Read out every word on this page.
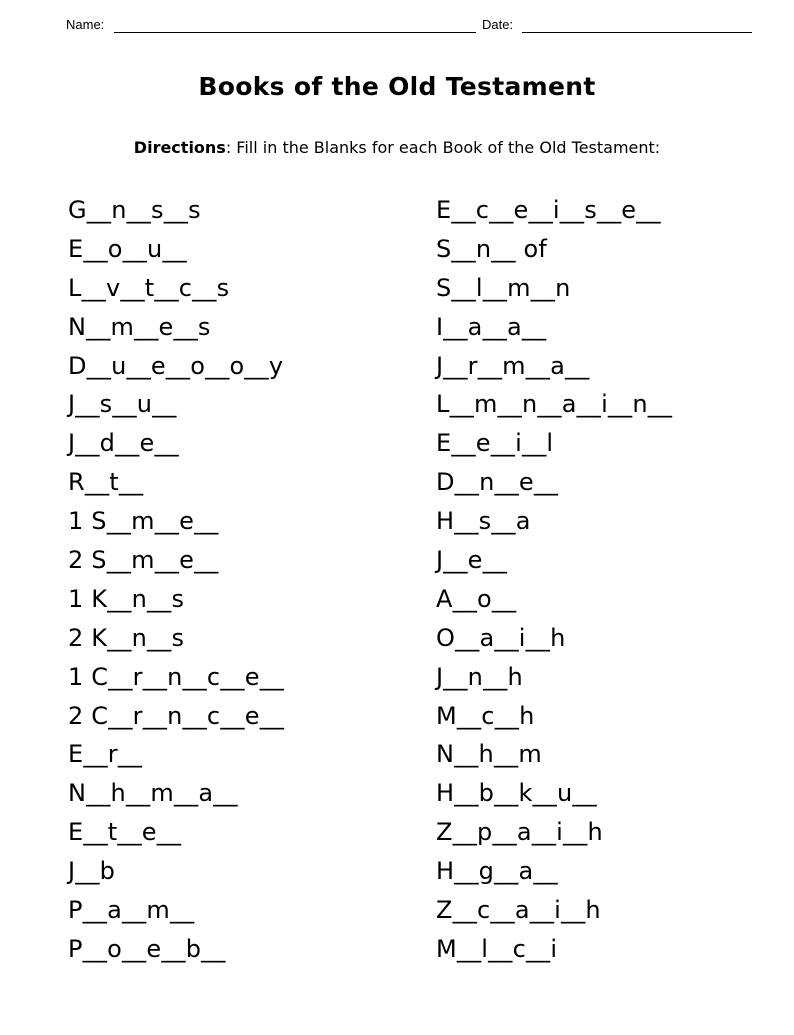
Name:	Date:
Books of the Old Testament
Directions: Fill in the Blanks for each Book of the Old Testament:
G__n__s__s
E__o__u__
L__v__t__c__s
N__m__e__s
D__u__e__o__o__y
J__s__u__
J__d__e__
R__t__
1 S__m__e__
2 S__m__e__
1 K__n__s
2 K__n__s
1 C__r__n__c__e__
2 C__r__n__c__e__
E__r__
N__h__m__a__
E__t__e__
J__b
P__a__m__
P__o__e__b__
E__c__e__i__s__e__
S__n__ of
S__l__m__n
I__a__a__
J__r__m__a__
L__m__n__a__i__n__
E__e__i__l
D__n__e__
H__s__a
J__e__
A__o__
O__a__i__h
J__n__h
M__c__h
N__h__m
H__b__k__u__
Z__p__a__i__h
H__g__a__
Z__c__a__i__h
M__l__c__i
